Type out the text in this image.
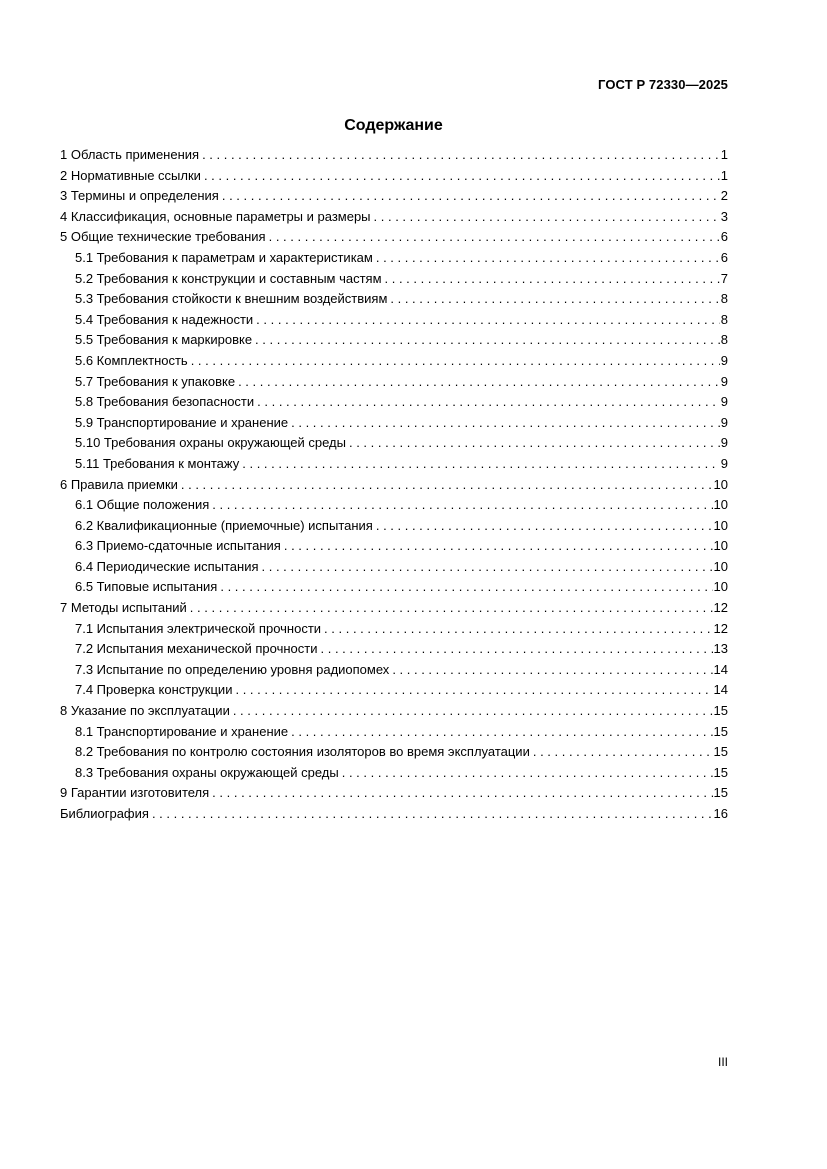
ГОСТ Р 72330—2025
Содержание
1 Область применения . . .	1
2 Нормативные ссылки . . .	1
3 Термины и определения . . .	2
4 Классификация, основные параметры и размеры . . .	3
5 Общие технические требования . . .	6
5.1 Требования к параметрам и характеристикам . . .	6
5.2 Требования к конструкции и составным частям . . .	7
5.3 Требования стойкости к внешним воздействиям . . .	8
5.4 Требования к надежности . . .	8
5.5 Требования к маркировке . . .	8
5.6 Комплектность . . .	9
5.7 Требования к упаковке . . .	9
5.8 Требования безопасности . . .	9
5.9 Транспортирование и хранение . . .	9
5.10 Требования охраны окружающей среды . . .	9
5.11 Требования к монтажу . . .	9
6 Правила приемки . . .	10
6.1 Общие положения . . .	10
6.2 Квалификационные (приемочные) испытания . . .	10
6.3 Приемо-сдаточные испытания . . .	10
6.4 Периодические испытания . . .	10
6.5 Типовые испытания . . .	10
7 Методы испытаний . . .	12
7.1 Испытания электрической прочности . . .	12
7.2 Испытания механической прочности . . .	13
7.3 Испытание по определению уровня радиопомех . . .	14
7.4 Проверка конструкции . . .	14
8 Указание по эксплуатации . . .	15
8.1 Транспортирование и хранение . . .	15
8.2 Требования по контролю состояния изоляторов во время эксплуатации . . .	15
8.3 Требования охраны окружающей среды . . .	15
9 Гарантии изготовителя . . .	15
Библиография . . .	16
III
